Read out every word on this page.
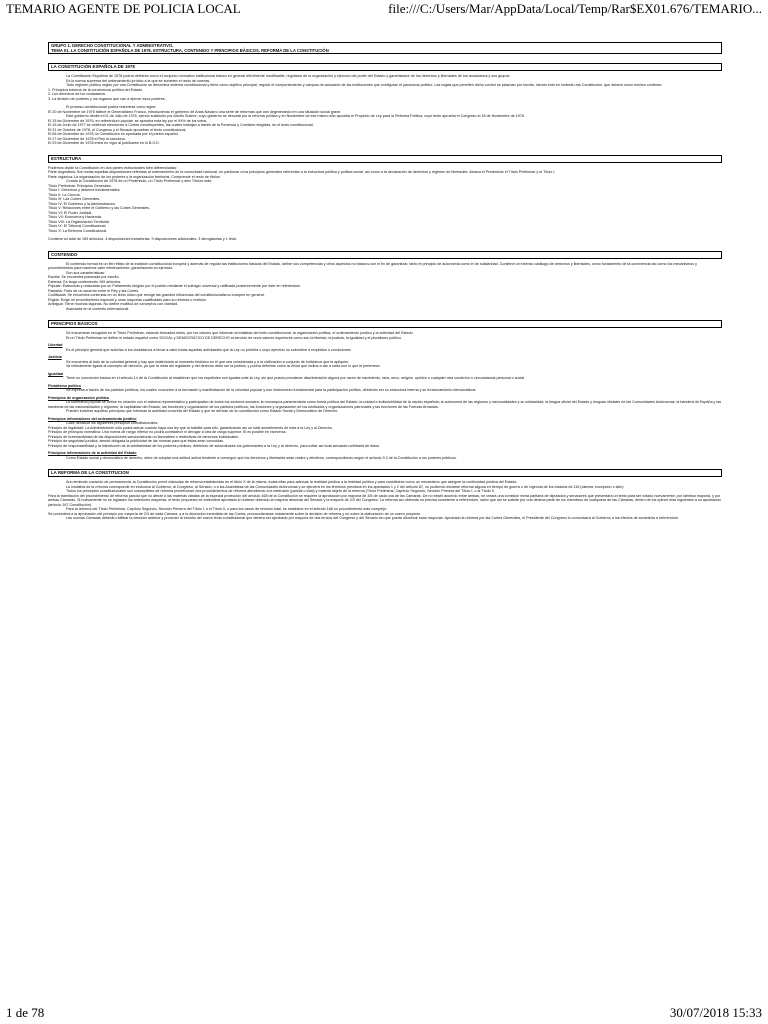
TEMARIO AGENTE DE POLICIA LOCAL	file:///C:/Users/Mar/AppData/Local/Temp/Rar$EX01.676/TEMARIO...
GRUPO 1. DERECHO CONSTITUCIONAL Y ADMINISTRATIVO.
TEMA 01. LA CONSTITUCIÓN ESPAÑOLA DE 1978. ESTRUCTURA, CONTENIDO Y PRINCIPIOS BÁSICOS. REFORMA DE LA CONSTITUCIÓN
LA CONSTITUCIÓN ESPAÑOLA DE 1978

La Constitución Española de 1978 podría definirse como el conjunto normativo institucional básico en general difícilmente modificable, regulador de la organización y ejercicio del poder del Estado y garantizador de los derechos y libertades de los ciudadanos y sus grupos.

Es la norma suprema del ordenamiento jurídico a la que se someten el resto de normas.

Todo régimen político regido por una Constitución se denomina sistema constitucional y tiene como objetivo principal, regular el comportamiento y campos de actuación de las instituciones que configuran el panorama político. Las reglas que permiten dicho control se plasman por escrito, siendo esto en síntesis una Constitución, que deberá como mínimo contener:

1. Principios básicos de la convivencia política del Estado.

2. Los derechos de los ciudadanos.

3. La división de poderes y los órganos que van a ejercer esos poderes.

El proceso constitucional podría resumirse como sigue:

El 20 de Noviembre de 1975 fallece el Generalísimo Franco, introduciendo el gobierno de Arias Navarro una serie de reformas que van degenerando en una situación social grave.

Este gobierno dimite el 01 de Julio de 1976, siendo sustituido por Adolfo Suárez, cuyo gobierno se decanta por la reforma política y en Noviembre de ese mismo año aprueba el Proyecto de Ley para la Reforma Política, cuyo texto aprueba el Congreso el 18 de Noviembre de 1976.

El 15 de Diciembre de 1976, en referéndum popular, se aprueba esta ley por el 94% de los votos.

El 15 de Junio de 1977 se celebran elecciones a Cortes constituyentes, las cuales trabajan a través de la Ponencia y Comisión elegidas, en el texto constitucional.

El 31 de Octubre de 1978, el Congreso y el Senado aprueban el texto constitucional.

El 06 de Diciembre de 1978, la Constitución es aprobada por el pueblo español.

El 27 de Diciembre de 1978 el Rey la sanciona.

El 29 de Diciembre de 1978 entra en vigor al publicarse en el B.O.E.

ESTRUCTURA

Podemos dividir la Constitución en dos partes estructurales bien diferenciadas:

Parte dogmática: Son todas aquellas disposiciones referidas al ordenamiento de la comunidad nacional, en particular a los principios generales referentes a la estructura política y política social, así como a la declaración de derechos y régimen de libertades. Abarca el Preámbulo el Título Preliminar y el Título I.

Parte orgánica: La organización de los poderes y la organización territorial. Comprende el resto de títulos.

Consta la Constitución de 1978 de un Preámbulo, un Título Preliminar y diez Títulos más:

Título Preliminar: Principios Generales.

Título I: Derechos y deberes fundamentales.

Título II: La Corona.

Título III: Las Cortes Generales.

Título IV: El Gobierno y la Administración.

Título V: Relaciones entre el Gobierno y las Cortes Generales.

Título VI: El Poder Judicial.

Título VII: Economía y Hacienda.

Título VIII: La Organización Territorial.

Título IX: El Tribunal Constitucional.

Título X: La Reforma Constitucional.

Contiene un total de 169 artículos, 4 disposiciones transitorias, 9 disposiciones adicionales, 3 derogatorias y 1 final.

CONTENIDO

El contenido formal es un fiel reflejo de la tradición constitucional europea y además de regular las instituciones básicas del Estado, define sus competencias y otros aspectos no básicos con el fin de garantizar, tanto el principio de autonomía como el de solidaridad. Contiene un extenso catálogo de derechos y libertades, como fundamento de la convivencia así como los mecanismos y procedimientos para hacerlos valer efectivamente, garantizando su ejercicio.

Son sus características:

Escrita: Se encuentra plasmada por escrito.

Extensa: Es larga conteniendo 169 artículos.

Popular: Elaborada y redactada por un Parlamento elegido por el pueblo mediante el sufragio universal y ratificada posteriormente por éste en referéndum

Pactada: Fruto de un acuerdo entre el Rey y las Cortes.

Codificada: Se encuentra contenida en un texto único que recoge las grandes influencias del constitucionalismo europeo en general.

Rígida: Exige un procedimiento especial y unas mayorías cualificadas para su reforma o revisión.

Ambigua: Tiene muchas lagunas. No define multitud de conceptos con claridad.

Avanzada en el contexto internacional.

PRINCIPIOS BASICOS

Se encuentran recogidos en el Título Preliminar, estando formados éstos, por los valores que informan la totalidad del texto constitucional, la organización política, el ordenamiento jurídico y la actividad del Estado.

En el Título Preliminar se define el estado español como SOCIAL y DEMOCRÁTICO DE DERECHO al servicio de unos valores superiores como son la libertad, la justicia, la igualdad y el pluralismo político.

Libertad

Es el principio general que autoriza a los ciudadanos a llevar a cabo todas aquellas actividades que la Ley no prohíba o cuyo ejercicio no subordine a requisitos o condiciones.

Justicia

Se encuentra al lado de la voluntad general y hay que relativizarla al momento histórico en el que sea considerada y a la civilización a conjunto de individuos que la apliquen.

Va íntimamente ligada al concepto de derecho, ya que la meta del legislador y del derecho debe ser la justicia, y podría definirse como la virtud que inclina a dar a cada uno lo que le pertenece.

Igualdad

Tiene su concreción básica en el artículo 14 de la Constitución al establecer que los españoles son iguales ante la Ley, sin que pueda prevalecer discriminación alguna por razón de nacimiento, raza, sexo, religión, opinión o cualquier otra condición o circunstancia personal o social.

Pluralismo político

Se expresa a través de los partidos políticos, los cuales concurren a la formación y manifestación de la voluntad popular y son instrumento fundamental para la participación política, debiendo ser su estructura interna y su funcionamiento democráticos.

Principios de organización política

La soberanía popular se define en relación con el sistema representativo y participativo de todos los sectores sociales; la monarquía parlamentaria como forma política del Estado; la unidad e indisolubilidad de la nación española; la autonomía de las regiones y nacionalidades y su solidaridad; la lengua oficial del Estado y lenguas oficiales de las Comunidades Autónomas; la bandera de España y las banderas de las nacionalidades y regiones; la capitalidad del Estado; las funciones y organización de los partidos políticos; las funciones y organización de los sindicatos y organizaciones patronales y las funciones de las Fuerzas Armadas.

Pueden incluirse aquellos principios que informan la actividad concreta del Estado y que se derivan de su constitución como Estado Social y Democrático de Derecho.

Principios informadores del ordenamiento jurídico

Cabe destacar los siguientes principios constitucionales:

Principio de legalidad: La Administración sólo podrá actuar cuando haya una ley que la habilite para ello, garantizando así un total sometimiento de ésta a la Ley y al Derecho.

Principio de jerarquía normativa: Una norma de rango inferior no podrá contradecir ni derogar a otra de rango superior. Si es posible en viceversa.

Principio de irretroactividad de las disposiciones sancionadoras no favorables o restrictivas de derechos individuales.

Principio de seguridad jurídica, siendo obligada la publicidad de las normas para que éstas sean conocidas.

Principio de responsabilidad y la interdicción de la arbitrariedad de los poderes públicos, debiendo de subordinarse los gobernantes a la Ley y al derecho, para evitar así toda actuación arbitraria de éstos.

Principios informadores de la actividad del Estado

Como Estado social y democrático de derecho, debe de adoptar una actitud activa tendente a conseguir que los derechos y libertades sean reales y efectivos, correspondiendo según el artículo 9.2 de la Constitución a los poderes públicos.

LA REFORMA DE LA CONSTITUCION

Aun teniendo vocación de permanencia, la Constitución prevé cláusulas de reforma establecidas en el título X de la misma, todas ellas para adecuar la realidad jurídica a la realidad política y para constituirse como un mecanismo que asegure la continuidad jurídica del Estado.

La iniciativa de la reforma corresponde en exclusiva al Gobierno, al Congreso, al Senado, o a las Asambleas de las Comunidades Autónomas y se ejercerá en los términos previstos en los apartados 1 y 2 del artículo 87, no pudiendo iniciarse reforma alguna en tiempo de guerra o de vigencia de los estados de 116 (alarma, excepción o sitio).

Todos los preceptos constitucionales son susceptibles de reforma previéndose dos procedimientos de reforma atendiendo a la extensión (parcial o total) y materia objeto de la reforma (Título Preliminar, Capítulo Segundo, Sección Primera del Título I, o al Título II.

Para la tramitación del procedimiento de reforma parcial que no afecte a las materias citadas de la especial protección del artículo 168 de la Constitución se requiere la aprobación por mayoría de 3/5 de cada una de las Cámaras. De no existir acuerdo entre ambas, se creará una comisión mixta paritaria de diputados y senadores que presentará un texto para ser votado nuevamente, por idéntica mayoría, y por ambas Cámaras. Si nuevamente no se lograsen los anteriores mayorías, el texto propuesto se entenderá aprobado si hubiese obtenido la mayoría absoluta del Senado y la mayoría de 2/3 del Congreso. La reforma así obtenida no precisa someterse a referéndum, salvo que así se solicite por una décima parte de los miembros de cualquiera de las Cámaras, dentro de los quince días siguientes a su aprobación (artículo 167 Constitución).

Para la reforma del Título Preliminar, Capítulo Segundo, Sección Primera del Título I, o el Título II, o para los casos de revisión total, se establece en el artículo 168 un procedimiento más complejo:

Se procederá a la aprobación del principio por mayoría de 2/3 de cada Cámara, y a la disolución inmediata de las Cortes, pronunciándose únicamente sobre la decisión de reforma y no sobre la elaboración de un nuevo proyecto.

Las nuevas Cámaras deberán ratificar la decisión anterior y proceder al estudio del nuevo texto constitucional que deberá ser aprobado por mayoría de dos tercios del Congreso y del Senado sin que pueda disminuir esas mayorías. Aprobado la reforma por las Cortes Generales, el Presidente del Congreso lo comunicará al Gobierno a los efectos de someterla a referéndum.

1 de 78	30/07/2018 15:33
